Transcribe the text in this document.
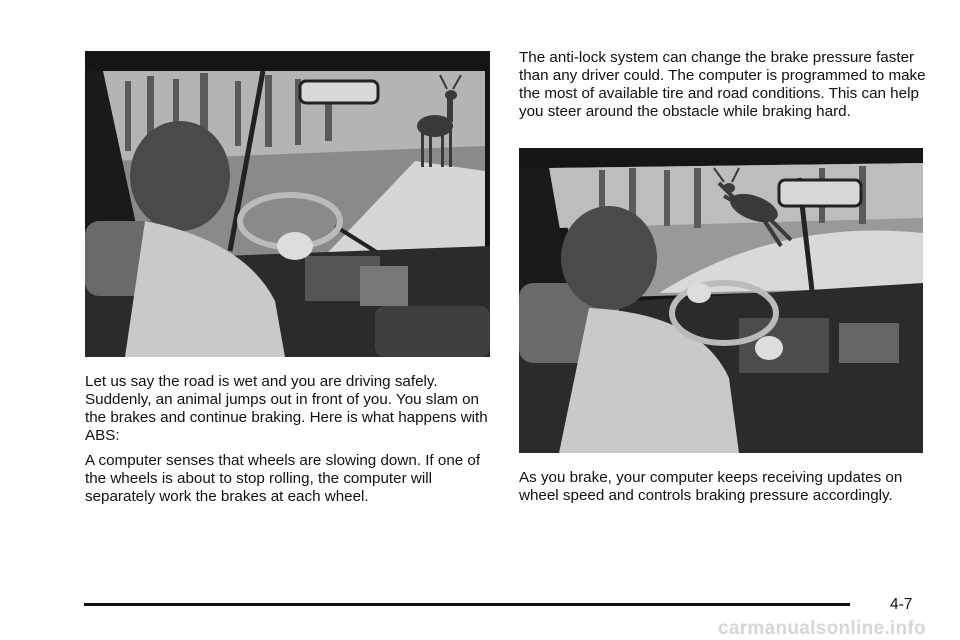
Let us say the road is wet and you are driving safely. Suddenly, an animal jumps out in front of you. You slam on the brakes and continue braking. Here is what happens with ABS:

A computer senses that wheels are slowing down. If one of the wheels is about to stop rolling, the computer will separately work the brakes at each wheel.

The anti-lock system can change the brake pressure faster than any driver could. The computer is programmed to make the most of available tire and road conditions. This can help you steer around the obstacle while braking hard.

As you brake, your computer keeps receiving updates on wheel speed and controls braking pressure accordingly.

4-7
carmanualsonline.info
